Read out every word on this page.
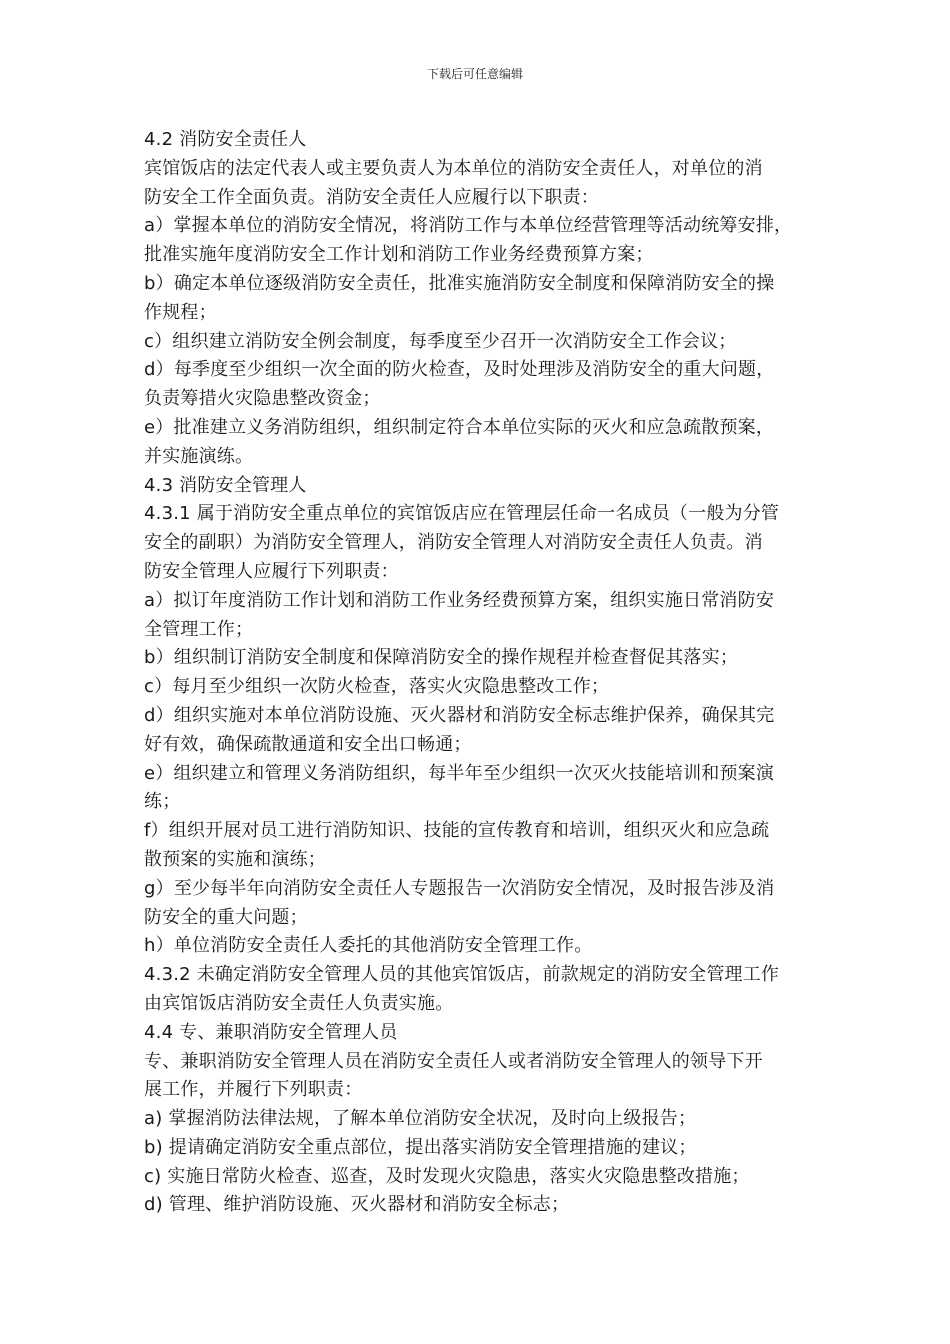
下载后可任意编辑
4.2 消防安全责任人
宾馆饭店的法定代表人或主要负责人为本单位的消防安全责任人，对单位的消
防安全工作全面负责。消防安全责任人应履行以下职责：
a）掌握本单位的消防安全情况，将消防工作与本单位经营管理等活动统筹安排，
批准实施年度消防安全工作计划和消防工作业务经费预算方案；
b）确定本单位逐级消防安全责任，批准实施消防安全制度和保障消防安全的操
作规程；
c）组织建立消防安全例会制度，每季度至少召开一次消防安全工作会议；
d）每季度至少组织一次全面的防火检查，及时处理涉及消防安全的重大问题，
负责筹措火灾隐患整改资金；
e）批准建立义务消防组织，组织制定符合本单位实际的灭火和应急疏散预案，
并实施演练。
4.3 消防安全管理人
4.3.1 属于消防安全重点单位的宾馆饭店应在管理层任命一名成员（一般为分管
安全的副职）为消防安全管理人，消防安全管理人对消防安全责任人负责。消
防安全管理人应履行下列职责：
a）拟订年度消防工作计划和消防工作业务经费预算方案，组织实施日常消防安
全管理工作；
b）组织制订消防安全制度和保障消防安全的操作规程并检查督促其落实；
c）每月至少组织一次防火检查，落实火灾隐患整改工作；
d）组织实施对本单位消防设施、灭火器材和消防安全标志维护保养，确保其完
好有效，确保疏散通道和安全出口畅通；
e）组织建立和管理义务消防组织，每半年至少组织一次灭火技能培训和预案演
练；
f）组织开展对员工进行消防知识、技能的宣传教育和培训，组织灭火和应急疏
散预案的实施和演练；
g）至少每半年向消防安全责任人专题报告一次消防安全情况，及时报告涉及消
防安全的重大问题；
h）单位消防安全责任人委托的其他消防安全管理工作。
4.3.2 未确定消防安全管理人员的其他宾馆饭店，前款规定的消防安全管理工作
由宾馆饭店消防安全责任人负责实施。
4.4 专、兼职消防安全管理人员
专、兼职消防安全管理人员在消防安全责任人或者消防安全管理人的领导下开
展工作，并履行下列职责：
a) 掌握消防法律法规，了解本单位消防安全状况，及时向上级报告；
b) 提请确定消防安全重点部位，提出落实消防安全管理措施的建议；
c) 实施日常防火检查、巡查，及时发现火灾隐患，落实火灾隐患整改措施；
d) 管理、维护消防设施、灭火器材和消防安全标志；
